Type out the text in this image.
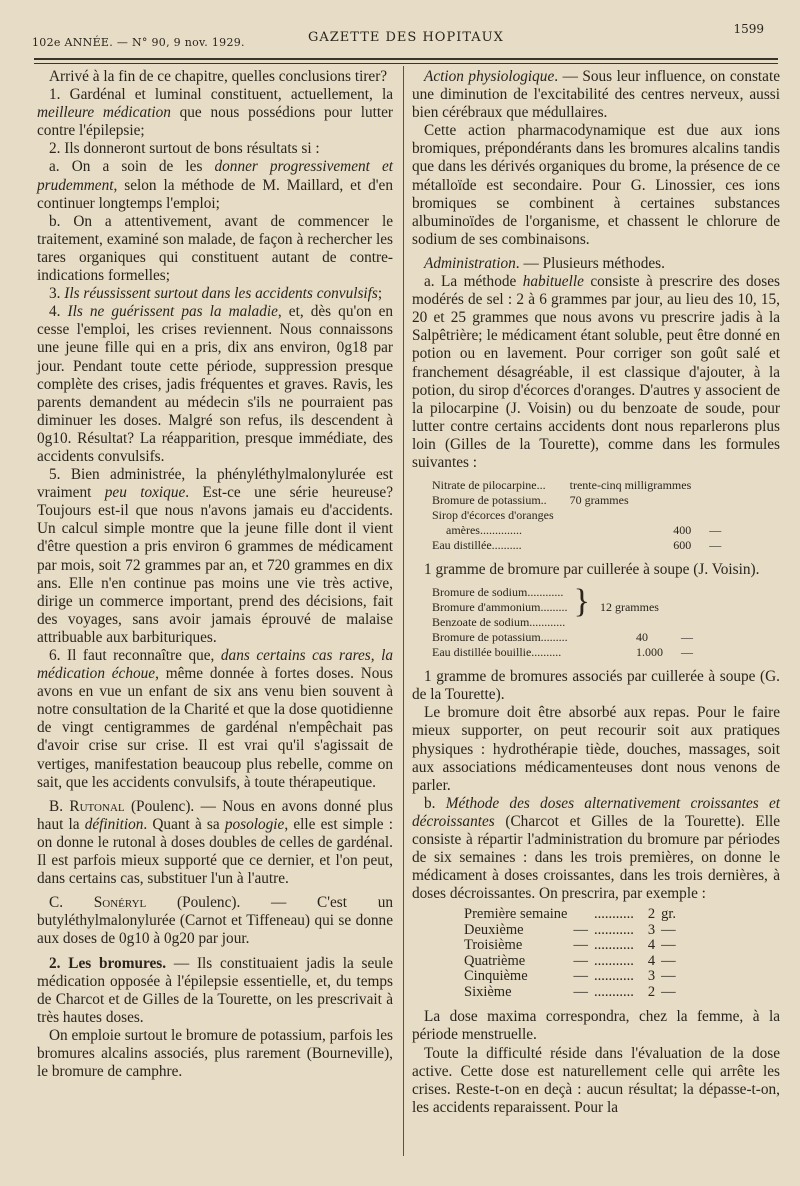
102e ANNÉE. — N° 90, 9 nov. 1929.	GAZETTE DES HOPITAUX
1599

Arrivé à la fin de ce chapitre, quelles conclusions tirer?

1. Gardénal et luminal constituent, actuellement, la meilleure médication que nous possédions pour lutter contre l'épilepsie;

2. Ils donneront surtout de bons résultats si :

a. On a soin de les donner progressivement et prudemment, selon la méthode de M. Maillard, et d'en continuer longtemps l'emploi;

b. On a attentivement, avant de commencer le traitement, examiné son malade, de façon à rechercher les tares organiques qui constituent autant de contre-indications formelles;

3. Ils réussissent surtout dans les accidents convulsifs;

4. Ils ne guérissent pas la maladie, et, dès qu'on en cesse l'emploi, les crises reviennent. Nous connaissons une jeune fille qui en a pris, dix ans environ, 0g18 par jour. Pendant toute cette période, suppression presque complète des crises, jadis fréquentes et graves. Ravis, les parents demandent au médecin s'ils ne pourraient pas diminuer les doses. Malgré son refus, ils descendent à 0g10. Résultat? La réapparition, presque immédiate, des accidents convulsifs.

5. Bien administrée, la phényléthylmalonylurée est vraiment peu toxique. Est-ce une série heureuse? Toujours est-il que nous n'avons jamais eu d'accidents. Un calcul simple montre que la jeune fille dont il vient d'être question a pris environ 6 grammes de médicament par mois, soit 72 grammes par an, et 720 grammes en dix ans. Elle n'en continue pas moins une vie très active, dirige un commerce important, prend des décisions, fait des voyages, sans avoir jamais éprouvé de malaise attribuable aux barbituriques.

6. Il faut reconnaître que, dans certains cas rares, la médication échoue, même donnée à fortes doses. Nous avons en vue un enfant de six ans venu bien souvent à notre consultation de la Charité et que la dose quotidienne de vingt centigrammes de gardénal n'empêchait pas d'avoir crise sur crise. Il est vrai qu'il s'agissait de vertiges, manifestation beaucoup plus rebelle, comme on sait, que les accidents convulsifs, à toute thérapeutique.

B. Rutonal (Poulenc). — Nous en avons donné plus haut la définition. Quant à sa posologie, elle est simple : on donne le rutonal à doses doubles de celles de gardénal. Il est parfois mieux supporté que ce dernier, et l'on peut, dans certains cas, substituer l'un à l'autre.

C. Sonéryl (Poulenc). — C'est un butyléthylmalonylurée (Carnot et Tiffeneau) qui se donne aux doses de 0g10 à 0g20 par jour.

2. Les bromures. — Ils constituaient jadis la seule médication opposée à l'épilepsie essentielle, et, du temps de Charcot et de Gilles de la Tourette, on les prescrivait à très hautes doses.

On emploie surtout le bromure de potassium, parfois les bromures alcalins associés, plus rarement (Bourneville), le bromure de camphre.

Action physiologique. — Sous leur influence, on constate une diminution de l'excitabilité des centres nerveux, aussi bien cérébraux que médullaires.

Cette action pharmacodynamique est due aux ions bromiques, prépondérants dans les bromures alcalins tandis que dans les dérivés organiques du brome, la présence de ce métalloïde est secondaire. Pour G. Linossier, ces ions bromiques se combinent à certaines substances albuminoïdes de l'organisme, et chassent le chlorure de sodium de ses combinaisons.

Administration. — Plusieurs méthodes.

a. La méthode habituelle consiste à prescrire des doses modérés de sel : 2 à 6 grammes par jour, au lieu des 10, 15, 20 et 25 grammes que nous avons vu prescrire jadis à la Salpêtrière; le médicament étant soluble, peut être donné en potion ou en lavement. Pour corriger son goût salé et franchement désagréable, il est classique d'ajouter, à la potion, du sirop d'écorces d'oranges. D'autres y associent de la pilocarpine (J. Voisin) ou du benzoate de soude, pour lutter contre certains accidents dont nous reparlerons plus loin (Gilles de la Tourette), comme dans les formules suivantes :

Nitrate de pilocarpine...	trente-cinq milligrammes	
Bromure de potassium..	70 grammes	
Sirop d'écorces d'oranges		
amères..............	400	—
Eau distillée..........	600	—

1 gramme de bromure par cuillerée à soupe (J. Voisin).

Bromure de sodium............	}	12 grammes	
Bromure d'ammonium.........			
Benzoate de sodium............			
Bromure de potassium.........		40	—
Eau distillée bouillie..........		1.000	—

1 gramme de bromures associés par cuillerée à soupe (G. de la Tourette).

Le bromure doit être absorbé aux repas. Pour le faire mieux supporter, on peut recourir soit aux pratiques physiques : hydrothérapie tiède, douches, massages, soit aux associations médicamenteuses dont nous venons de parler.

b. Méthode des doses alternativement croissantes et décroissantes (Charcot et Gilles de la Tourette). Elle consiste à répartir l'administration du bromure par périodes de six semaines : dans les trois premières, on donne le médicament à doses croissantes, dans les trois dernières, à doses décroissantes. On prescrira, par exemple :

Première semaine		...........	2	gr.
Deuxième	—	...........	3	—
Troisième	—	...........	4	—
Quatrième	—	...........	4	—
Cinquième	—	...........	3	—
Sixième	—	...........	2	—

La dose maxima correspondra, chez la femme, à la période menstruelle.

Toute la difficulté réside dans l'évaluation de la dose active. Cette dose est naturellement celle qui arrête les crises. Reste-t-on en deçà : aucun résultat; la dépasse-t-on, les accidents reparaissent. Pour la
